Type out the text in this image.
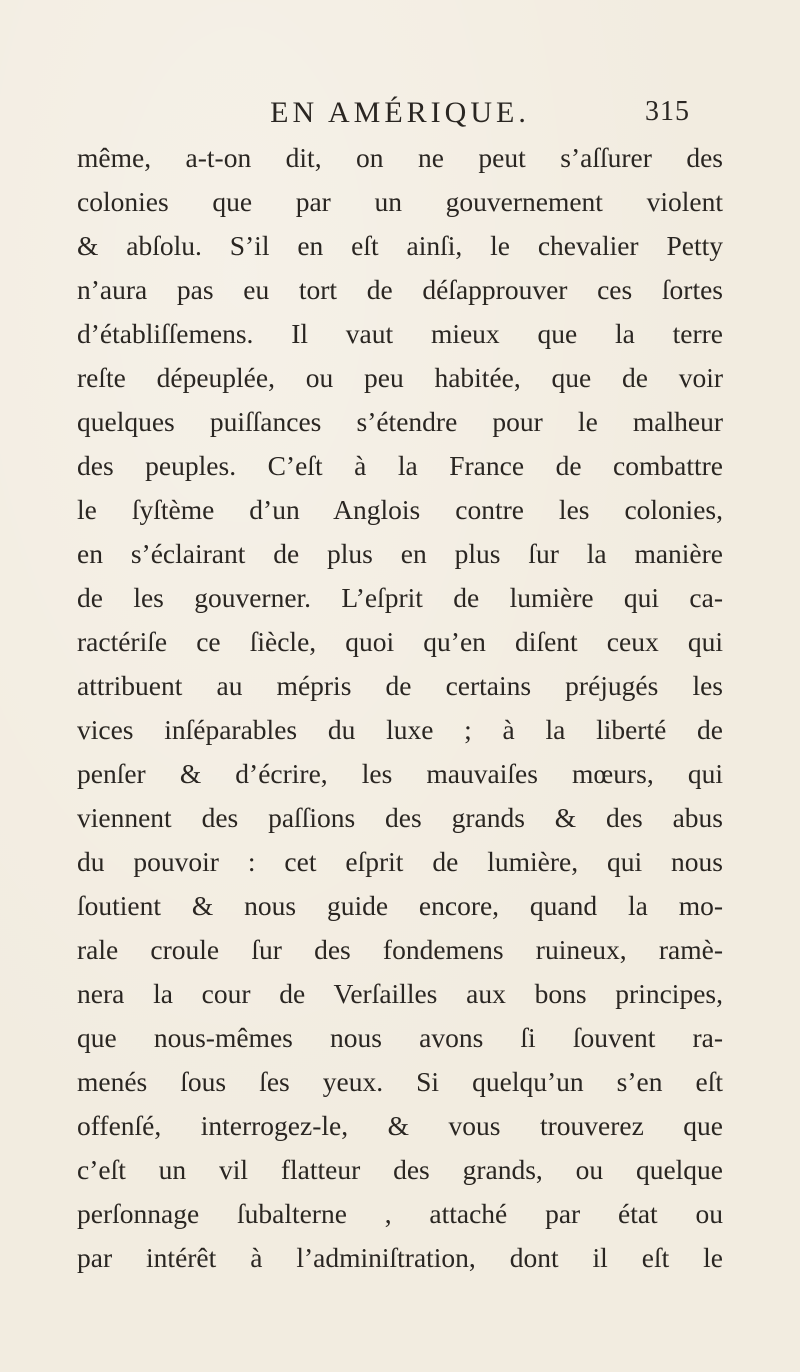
EN AMÉRIQUE.	315
même, a-t-on dit, on ne peut s’aſſurer des
colonies que par un gouvernement violent
& abſolu. S’il en eſt ainſi, le chevalier Petty
n’aura pas eu tort de déſapprouver ces ſortes
d’établiſſemens. Il vaut mieux que la terre
reſte dépeuplée, ou peu habitée, que de voir
quelques puiſſances s’étendre pour le malheur
des peuples. C’eſt à la France de combattre
le ſyſtème d’un Anglois contre les colonies,
en s’éclairant de plus en plus ſur la manière
de les gouverner. L’eſprit de lumière qui ca-
ractériſe ce ſiècle, quoi qu’en diſent ceux qui
attribuent au mépris de certains préjugés les
vices inſéparables du luxe ; à la liberté de
penſer & d’écrire, les mauvaiſes mœurs, qui
viennent des paſſions des grands & des abus
du pouvoir : cet eſprit de lumière, qui nous
ſoutient & nous guide encore, quand la mo-
rale croule ſur des fondemens ruineux, ramè-
nera la cour de Verſailles aux bons principes,
que nous-mêmes nous avons ſi ſouvent ra-
menés ſous ſes yeux. Si quelqu’un s’en eſt
offenſé, interrogez-le, & vous trouverez que
c’eſt un vil flatteur des grands, ou quelque
perſonnage ſubalterne , attaché par état ou
par intérêt à l’adminiſtration, dont il eſt le
